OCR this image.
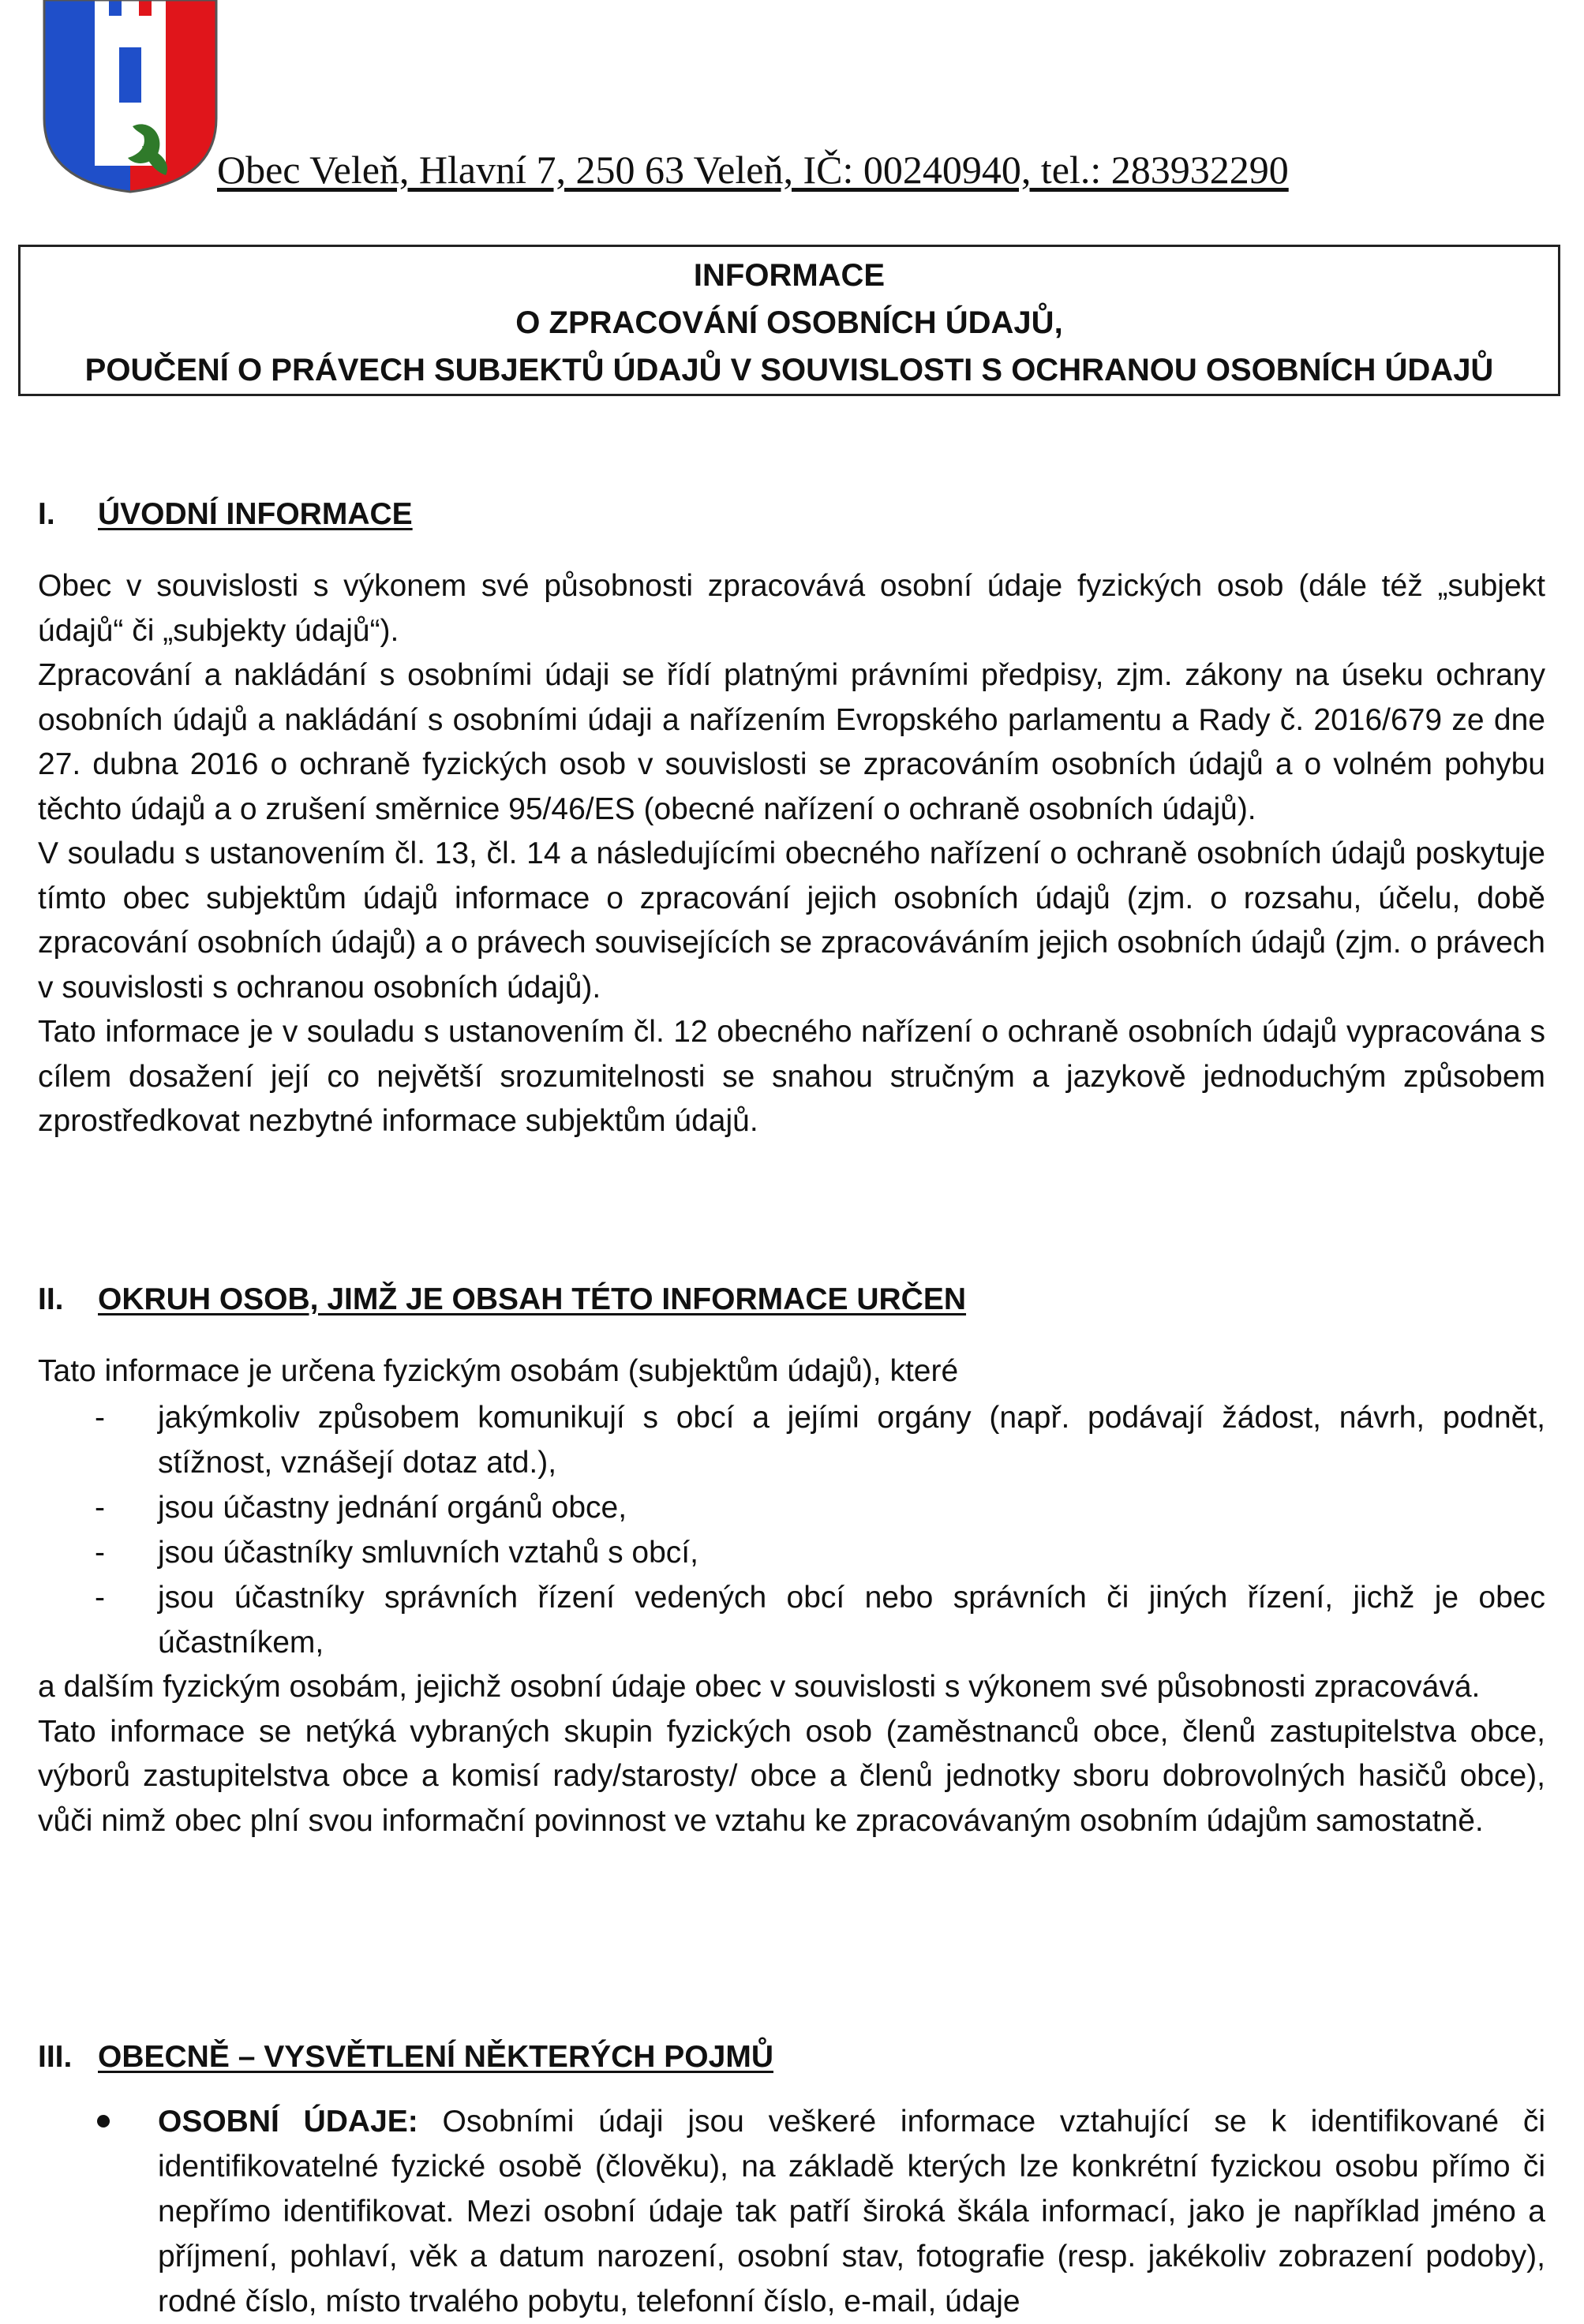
Obec Veleň, Hlavní 7, 250 63 Veleň, IČ: 00240940, tel.: 283932290
INFORMACE
O ZPRACOVÁNÍ OSOBNÍCH ÚDAJŮ,
POUČENÍ O PRÁVECH SUBJEKTŮ ÚDAJŮ V SOUVISLOSTI S OCHRANOU OSOBNÍCH ÚDAJŮ
I. ÚVODNÍ INFORMACE

Obec v souvislosti s výkonem své působnosti zpracovává osobní údaje fyzických osob (dále též „subjekt údajů“ či „subjekty údajů“).

Zpracování a nakládání s osobními údaji se řídí platnými právními předpisy, zjm. zákony na úseku ochrany osobních údajů a nakládání s osobními údaji a nařízením Evropského parlamentu a Rady č. 2016/679 ze dne 27. dubna 2016 o ochraně fyzických osob v souvislosti se zpracováním osobních údajů a o volném pohybu těchto údajů a o zrušení směrnice 95/46/ES (obecné nařízení o ochraně osobních údajů).

V souladu s ustanovením čl. 13, čl. 14 a následujícími obecného nařízení o ochraně osobních údajů poskytuje tímto obec subjektům údajů informace o zpracování jejich osobních údajů (zjm. o rozsahu, účelu, době zpracování osobních údajů) a o právech souvisejících se zpracováváním jejich osobních údajů (zjm. o právech v souvislosti s ochranou osobních údajů).

Tato informace je v souladu s ustanovením čl. 12 obecného nařízení o ochraně osobních údajů vypracována s cílem dosažení její co největší srozumitelnosti se snahou stručným a jazykově jednoduchým způsobem zprostředkovat nezbytné informace subjektům údajů.

II. OKRUH OSOB, JIMŽ JE OBSAH TÉTO INFORMACE URČEN

Tato informace je určena fyzickým osobám (subjektům údajů), které

- jakýmkoliv způsobem komunikují s obcí a jejími orgány (např. podávají žádost, návrh, podnět, stížnost, vznášejí dotaz atd.),
- jsou účastny jednání orgánů obce,
- jsou účastníky smluvních vztahů s obcí,
- jsou účastníky správních řízení vedených obcí nebo správních či jiných řízení, jichž je obec účastníkem,

a dalším fyzickým osobám, jejichž osobní údaje obec v souvislosti s výkonem své působnosti zpracovává.

Tato informace se netýká vybraných skupin fyzických osob (zaměstnanců obce, členů zastupitelstva obce, výborů zastupitelstva obce a komisí rady/starosty/ obce a členů jednotky sboru dobrovolných hasičů obce), vůči nimž obec plní svou informační povinnost ve vztahu ke zpracovávaným osobním údajům samostatně.

III. OBECNĚ – VYSVĚTLENÍ NĚKTERÝCH POJMŮ
OSOBNÍ ÚDAJE: Osobními údaji jsou veškeré informace vztahující se k identifikované či identifikovatelné fyzické osobě (člověku), na základě kterých lze konkrétní fyzickou osobu přímo či nepřímo identifikovat. Mezi osobní údaje tak patří široká škála informací, jako je například jméno a příjmení, pohlaví, věk a datum narození, osobní stav, fotografie (resp. jakékoliv zobrazení podoby), rodné číslo, místo trvalého pobytu, telefonní číslo, e-mail, údaje
